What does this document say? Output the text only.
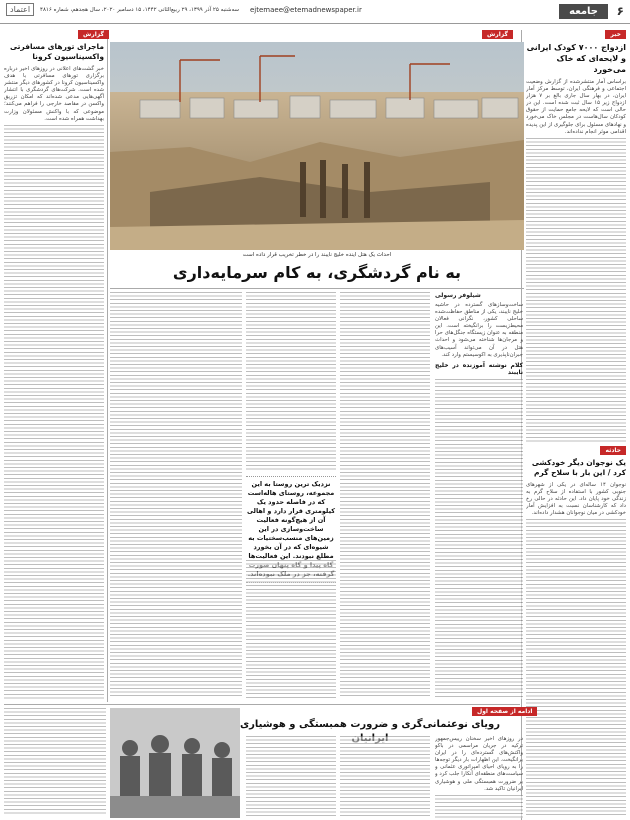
۶
جامعه
ejtemaee@etemadnewspaper.ir
سه‌شنبه ۲۵ آذر ۱۳۹۹، ۲۹ ربیع‌الثانی ۱۴۴۲، ۱۵ دسامبر ۲۰۲۰، سال هجدهم، شماره ۴۸۱۶
اعتماد
خبر
ازدواج ۷۰۰۰ کودک ایرانی و لایحه‌ای که خاک می‌خورد

براساس آمار منتشرشده از گزارش وضعیت اجتماعی و فرهنگی ایران، توسط مرکز آمار ایران، در بهار سال جاری بالغ بر ۷ هزار ازدواج زیر ۱۵ سال ثبت شده است. این در حالی است که لایحه جامع حمایت از حقوق کودکان سال‌هاست در مجلس خاک می‌خورد و نهادهای مسئول برای جلوگیری از این پدیده اقدامی موثر انجام نداده‌اند.

حادثه
یک نوجوان دیگر خودکشی کرد / این بار با سلاح گرم

نوجوان ۱۴ ساله‌ای در یکی از شهرهای جنوبی کشور با استفاده از سلاح گرم به زندگی خود پایان داد. این حادثه در حالی رخ داد که کارشناسان نسبت به افزایش آمار خودکشی در میان نوجوانان هشدار داده‌اند.

گزارش
احداث یک هتل اینده خلیج نایبند را در خطر تخریب قرار داده است
به نام گردشگری، به کام سرمایه‌داری
شیلوفر رسولی

ساخت‌وسازهای گسترده در حاشیه خلیج نایبند، یکی از مناطق حفاظت‌شده ساحلی کشور، نگرانی فعالان محیط‌زیست را برانگیخته است. این منطقه به عنوان زیستگاه جنگل‌های حرا و مرجان‌ها شناخته می‌شود و احداث هتل در آن می‌تواند آسیب‌های جبران‌ناپذیری به اکوسیستم وارد کند.

کلام نوشته آموزنده در خلیج نایبند
نزدیک ترین روستا به این مجموعه، روستای هاله‌است که در فاصله حدود یک کیلومتری قرار دارد و اهالی آن از هیچ‌گونه فعالیت ساخت‌وسازی در این زمین‌های منسب‌سختیات به شیوه‌ای که در آن بخورد مطلع نبودند. این فعالیت‌ها
گزارش
ماجرای تورهای مسافرتی واکسیناسیون کرونا

خبر گشت‌های اعلانی در روزهای اخیر درباره برگزاری تورهای مسافرتی با هدف واکسیناسیون کرونا در کشورهای دیگر منتشر شده است. شرکت‌های گردشگری با انتشار آگهی‌هایی مدعی شده‌اند که امکان تزریق واکسن در مقاصد خارجی را فراهم می‌کنند؛ موضوعی که با واکنش مسئولان وزارت بهداشت همراه شده است.

ادامه از صفحه اول
رویای نوعثمانی‌گری و ضرورت همبستگی و هوشیاری

در روزهای اخیر سخنان رییس‌جمهور ترکیه در جریان مراسمی در باکو واکنش‌های گسترده‌ای را در ایران برانگیخت. این اظهارات بار دیگر توجه‌ها را به رویای احیای امپراتوری عثمانی و سیاست‌های منطقه‌ای آنکارا جلب کرد و بر ضرورت همبستگی ملی و هوشیاری ایرانیان تاکید شد.
